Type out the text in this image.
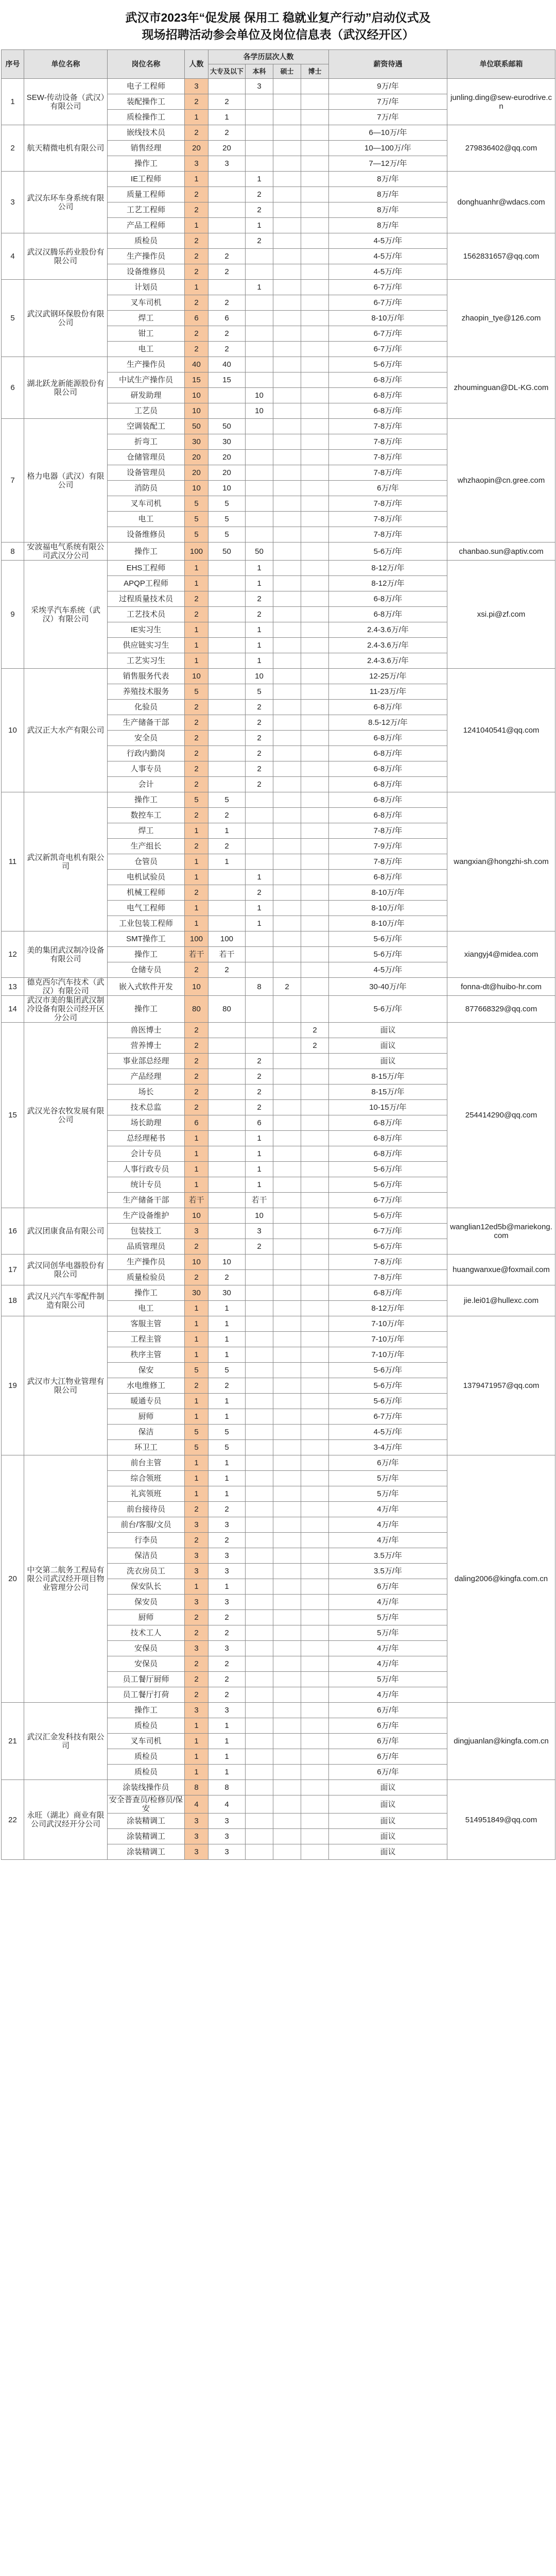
武汉市2023年“促发展 保用工 稳就业复产行动”启动仪式及
现场招聘活动参会单位及岗位信息表（武汉经开区）
序号	单位名称	岗位名称	人数	各学历层次人数				薪资待遇	单位联系邮箱
				大专及以下	本科	硕士	博士		
1	SEW-传动设备（武汉）有限公司	电子工程师	3		3			9万/年	junling.ding@sew-eurodrive.cn
		装配操作工	2	2				7万/年	
		质检操作工	1	1				7万/年	
2	航天精微电机有限公司	嵌线技术员	2	2				6—10万/年	279836402@qq.com
		销售经理	20	20				10—100万/年	
		操作工	3	3				7—12万/年	
3	武汉东环车身系统有限公司	IE工程师	1		1			8万/年	donghuanhr@wdacs.com
		质量工程师	2		2			8万/年	
		工艺工程师	2		2			8万/年	
		产品工程师	1		1			8万/年	
4	武汉汉腾乐药业股份有限公司	质检员	2		2			4-5万/年	1562831657@qq.com
		生产操作员	2	2				4-5万/年	
		设备维修员	2	2				4-5万/年	
5	武汉武钢环保股份有限公司	计划员	1		1			6-7万/年	zhaopin_tye@126.com
		叉车司机	2	2				6-7万/年	
		焊工	6	6				8-10万/年	
		钳工	2	2				6-7万/年	
		电工	2	2				6-7万/年	
6	湖北跃龙新能源股份有限公司	生产操作员	40	40				5-6万/年	zhouminguan@DL-KG.com
		中试生产操作员	15	15				6-8万/年	
		研发助理	10		10			6-8万/年	
		工艺员	10		10			6-8万/年	
7	格力电器（武汉）有限公司	空调装配工	50	50				7-8万/年	whzhaopin@cn.gree.com
		折弯工	30	30				7-8万/年	
		仓储管理员	20	20				7-8万/年	
		设备管理员	20	20				7-8万/年	
		消防员	10	10				6万/年	
		叉车司机	5	5				7-8万/年	
		电工	5	5				7-8万/年	
		设备维修员	5	5				7-8万/年	
8	安波福电气系统有限公司武汉分公司	操作工	100	50	50			5-6万/年	chanbao.sun@aptiv.com
9	采埃孚汽车系统（武汉）有限公司	EHS工程师	1		1			8-12万/年	xsi.pi@zf.com
		APQP工程师	1		1			8-12万/年	
		过程质量技术员	2		2			6-8万/年	
		工艺技术员	2		2			6-8万/年	
		IE实习生	1		1			2.4-3.6万/年	
		供应链实习生	1		1			2.4-3.6万/年	
		工艺实习生	1		1			2.4-3.6万/年	
10	武汉正大水产有限公司	销售服务代表	10		10			12-25万/年	1241040541@qq.com
		养殖技术服务	5		5			11-23万/年	
		化验员	2		2			6-8万/年	
		生产储备干部	2		2			8.5-12万/年	
		安全员	2		2			6-8万/年	
		行政内勤岗	2		2			6-8万/年	
		人事专员	2		2			6-8万/年	
		会计	2		2			6-8万/年	
11	武汉新凯奇电机有限公司	操作工	5	5				6-8万/年	wangxian@hongzhi-sh.com
		数控车工	2	2				6-8万/年	
		焊工	1	1				7-8万/年	
		生产组长	2	2				7-9万/年	
		仓管员	1	1				7-8万/年	
		电机试验员	1		1			6-8万/年	
		机械工程师	2		2			8-10万/年	
		电气工程师	1		1			8-10万/年	
		工业包装工程师	1		1			8-10万/年	
12	美的集团武汉制冷设备有限公司	SMT操作工	100	100				5-6万/年	xiangyj4@midea.com
		操作工	若干	若干				5-6万/年	
		仓储专员	2	2				4-5万/年	
13	德克西尔汽车技术（武汉）有限公司	嵌入式软件开发	10		8	2		30-40万/年	fonna-dt@huibo-hr.com
14	武汉市美的集团武汉制冷设备有限公司经开区分公司	操作工	80	80				5-6万/年	877668329@qq.com
15	武汉光谷农牧发展有限公司	兽医博士	2				2	面议	254414290@qq.com
		营养博士	2				2	面议	
		事业部总经理	2		2			面议	
		产品经理	2		2			8-15万/年	
		场长	2		2			8-15万/年	
		技术总监	2		2			10-15万/年	
		场长助理	6		6			6-8万/年	
		总经理秘书	1		1			6-8万/年	
		会计专员	1		1			6-8万/年	
		人事行政专员	1		1			5-6万/年	
		统计专员	1		1			5-6万/年	
		生产储备干部	若干		若干			6-7万/年	
16	武汉团康食品有限公司	生产设备维护	10		10			5-6万/年	wanglian12ed5b@mariekong.com
		包装技工	3		3			6-7万/年	
		品质管理员	2		2			5-6万/年	
17	武汉同创华电器股份有限公司	生产操作员	10	10				7-8万/年	huangwanxue@foxmail.com
		质量检验员	2	2				7-8万/年	
18	武汉凡兴汽车零配件制造有限公司	操作工	30	30				6-8万/年	jie.lei01@hullexc.com
		电工	1	1				8-12万/年	
19	武汉市大江物业管理有限公司	客服主管	1	1				7-10万/年	1379471957@qq.com
		工程主管	1	1				7-10万/年	
		秩序主管	1	1				7-10万/年	
		保安	5	5				5-6万/年	
		水电维修工	2	2				5-6万/年	
		暖通专员	1	1				5-6万/年	
		厨师	1	1				6-7万/年	
		保洁	5	5				4-5万/年	
		环卫工	5	5				3-4万/年	
20	中交第二航务工程局有限公司武汉经开项目物业管理分公司	前台主管	1	1				6万/年	daling2006@kingfa.com.cn
		综合领班	1	1				5万/年	
		礼宾领班	1	1				5万/年	
		前台接待员	2	2				4万/年	
		前台/客服/文员	3	3				4万/年	
		行李员	2	2				4万/年	
		保洁员	3	3				3.5万/年	
		洗衣房员工	3	3				3.5万/年	
		保安队长	1	1				6万/年	
		保安员	3	3				4万/年	
		厨师	2	2				5万/年	
		技术工人	2	2				5万/年	
		安保员	3	3				4万/年	
		安保员	2	2				4万/年	
		员工餐厅厨师	2	2				5万/年	
		员工餐厅打荷	2	2				4万/年	
21	武汉汇金发科技有限公司	操作工	3	3				6万/年	dingjuanlan@kingfa.com.cn
		质检员	1	1				6万/年	
		叉车司机	1	1				6万/年	
		质检员	1	1				6万/年	
		质检员	1	1				6万/年	
22	永旺（湖北）商业有限公司武汉经开分公司	涂装线操作员	8	8				面议	514951849@qq.com
		安全普查员/检修员/保安	4	4				面议	
		涂装精调工	3	3				面议	
		涂装精调工	3	3				面议	
		涂装精调工	3	3				面议	
